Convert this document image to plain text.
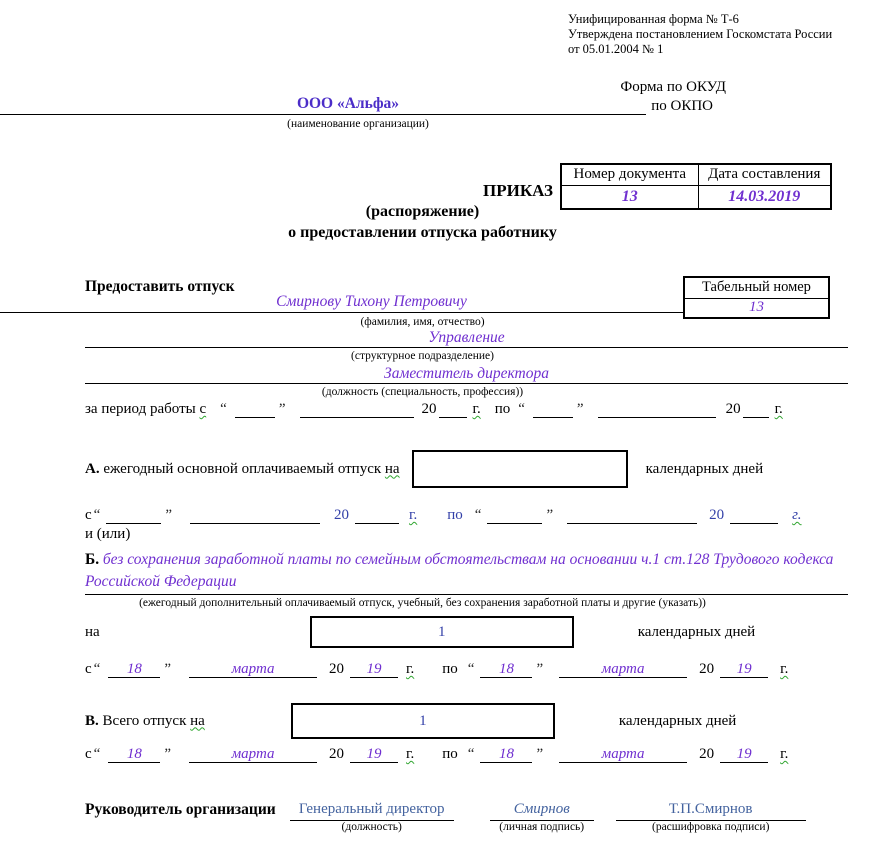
Унифицированная форма № Т-6
Утверждена постановлением Госкомстата России
от 05.01.2004 № 1
Форма по ОКУД
по ОКПО
ООО «Альфа»
(наименование организации)
ПРИКАЗ
Номер документа	Дата составления
13	14.03.2019
(распоряжение)
о предоставлении отпуска работнику
Предоставить отпуск	Табельный номер
13
Смирнову Тихону Петровичу
(фамилия, имя, отчество)
Управление
(структурное подразделение)
Заместитель директора
(должность (специальность, профессия))
за период работы с “	”	20 г. по “	”	20 г.
А. ежегодный основной оплачиваемый отпуск на	календарных дней
с “	”	20	г. по “	”	20	г.
и (или)
Б. без сохранения заработной платы по семейным обстоятельствам на основании ч.1 ст.128 Трудового кодекса Российской Федерации
(ежегодный дополнительный оплачиваемый отпуск, учебный, без сохранения заработной платы и другие (указать))
на	1	календарных дней
с “	18	”	марта	20	19	г. по “	18	”	марта	20	19	г.
В. Всего отпуск на	1	календарных дней
с “	18	”	марта	20	19	г. по “	18	”	марта	20	19	г.
Руководитель организации	Генеральный директор
(должность)
Смирнов
(личная подпись)
Т.П.Смирнов
(расшифровка подписи)
